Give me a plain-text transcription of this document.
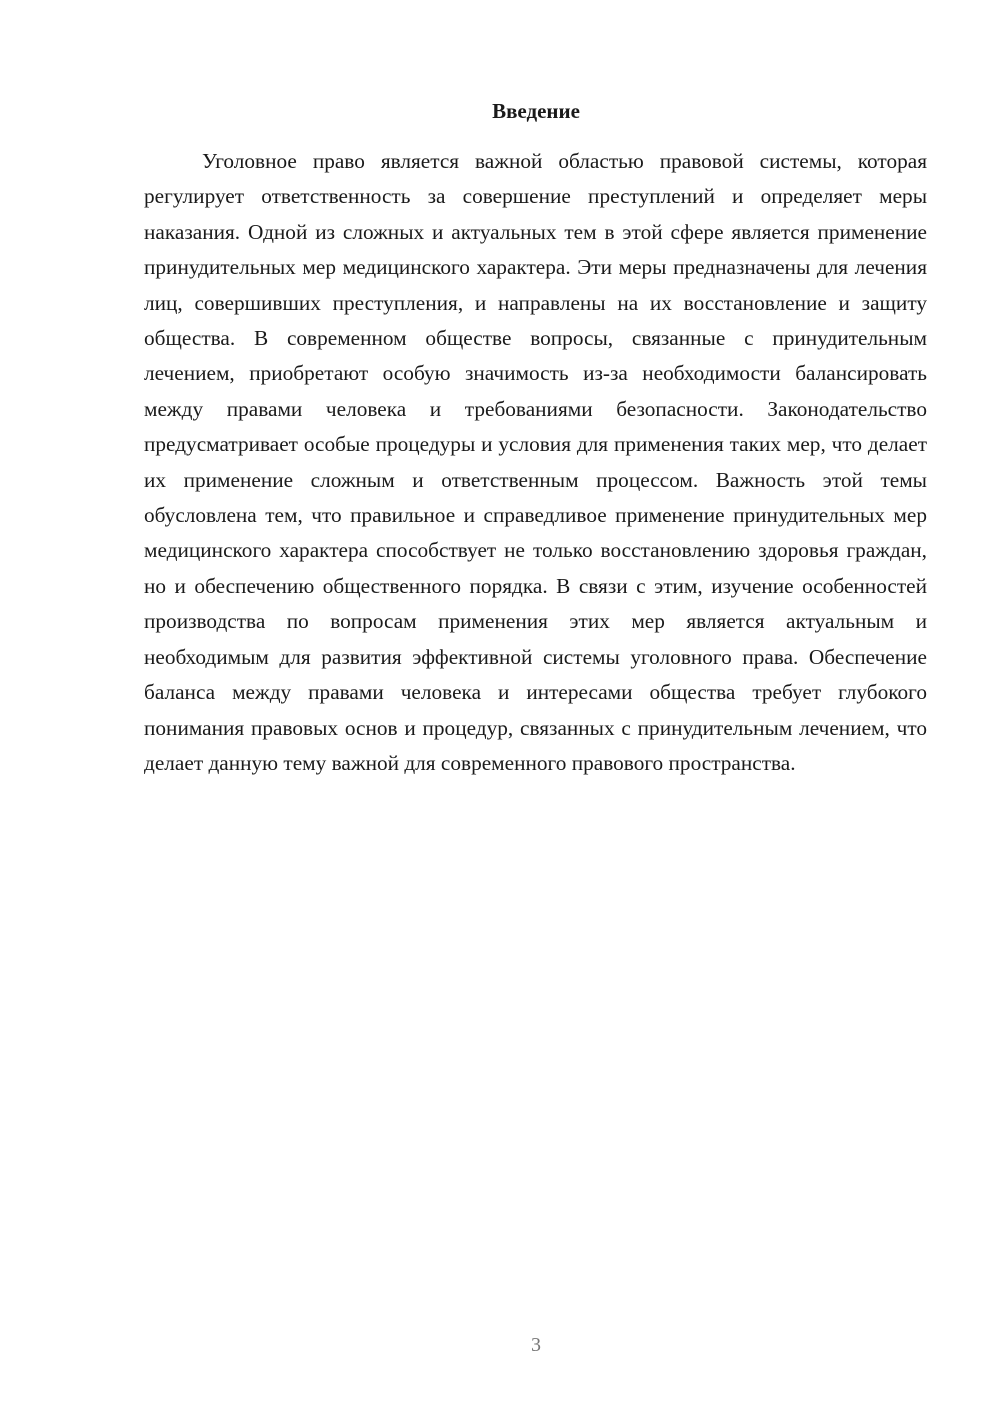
Введение

Уголовное право является важной областью правовой системы, которая регулирует ответственность за совершение преступлений и определяет меры наказания. Одной из сложных и актуальных тем в этой сфере является применение принудительных мер медицинского характера. Эти меры предназначены для лечения лиц, совершивших преступления, и направлены на их восстановление и защиту общества. В современном обществе вопросы, связанные с принудительным лечением, приобретают особую значимость из-за необходимости балансировать между правами человека и требованиями безопасности. Законодательство предусматривает особые процедуры и условия для применения таких мер, что делает их применение сложным и ответственным процессом. Важность этой темы обусловлена тем, что правильное и справедливое применение принудительных мер медицинского характера способствует не только восстановлению здоровья граждан, но и обеспечению общественного порядка. В связи с этим, изучение особенностей производства по вопросам применения этих мер является актуальным и необходимым для развития эффективной системы уголовного права. Обеспечение баланса между правами человека и интересами общества требует глубокого понимания правовых основ и процедур, связанных с принудительным лечением, что делает данную тему важной для современного правового пространства.

3
